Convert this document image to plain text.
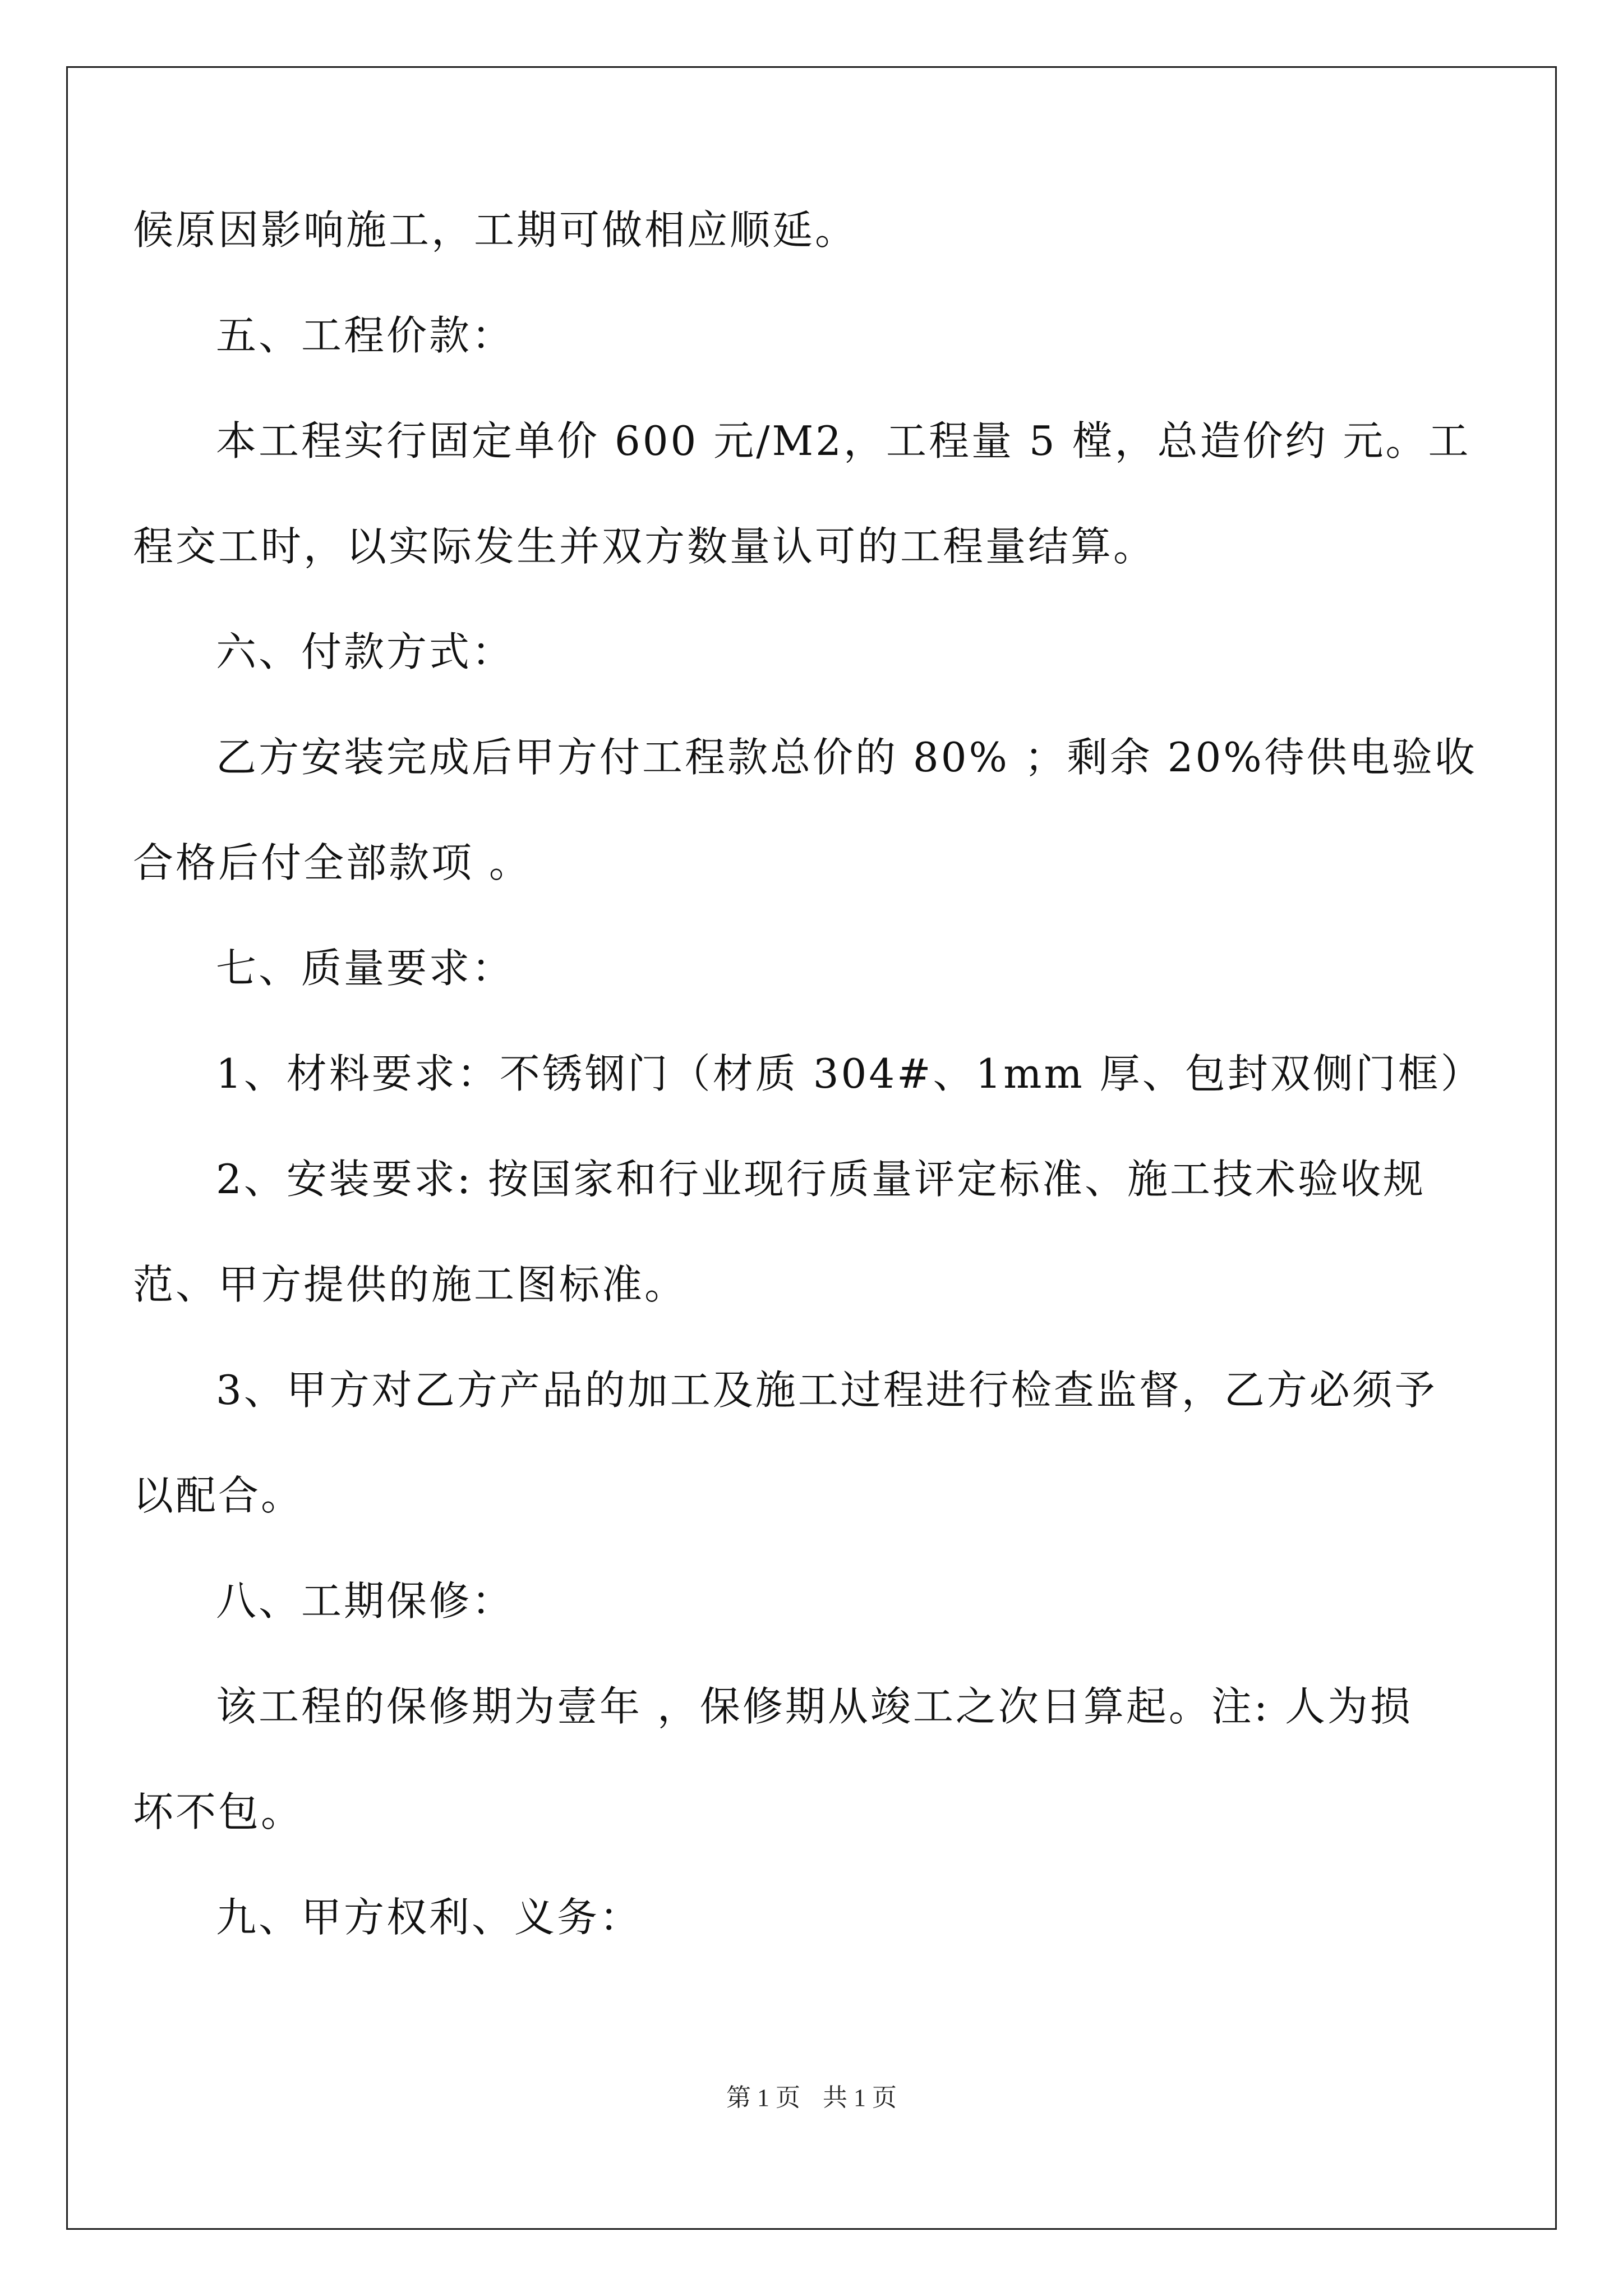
候原因影响施工，工期可做相应顺延。
五、工程价款：
本工程实行固定单价 600 元/M2，工程量 5 樘，总造价约 元。工
程交工时，以实际发生并双方数量认可的工程量结算。
六、付款方式：
乙方安装完成后甲方付工程款总价的 80% ；剩余 20%待供电验收
合格后付全部款项 。
七、质量要求：
1、材料要求：不锈钢门（材质 304#、1mm 厚、包封双侧门框）
2、安装要求: 按国家和行业现行质量评定标准、施工技术验收规
范、甲方提供的施工图标准。
3、甲方对乙方产品的加工及施工过程进行检查监督，乙方必须予
以配合。
八、工期保修：
该工程的保修期为壹年 ，保修期从竣工之次日算起。注: 人为损
坏不包。
九、甲方权利、义务：
第 1 页 共 1 页
